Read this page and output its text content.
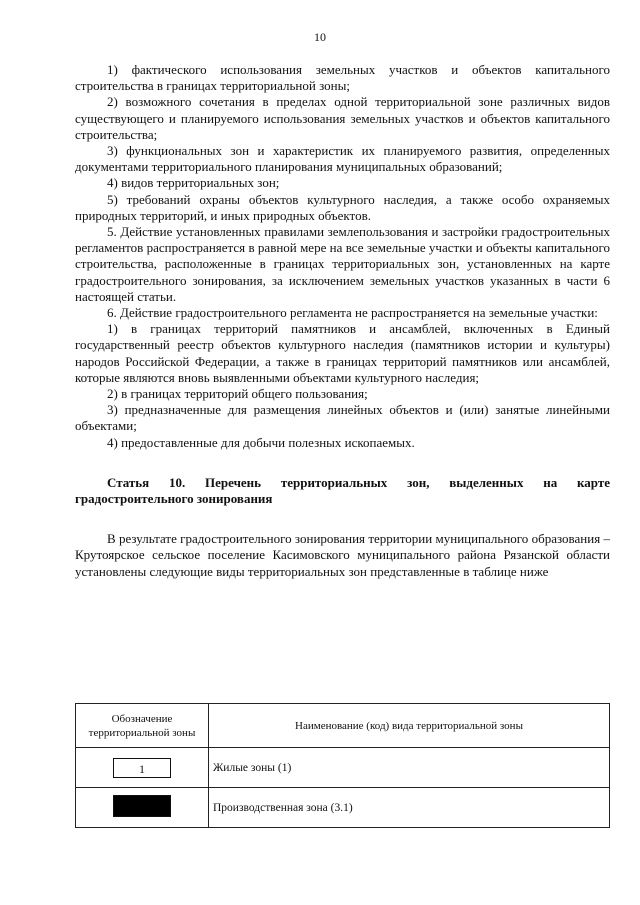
10

1) фактического использования земельных участков и объектов капитального строительства в границах территориальной зоны;

2) возможного сочетания в пределах одной территориальной зоне различных видов существующего и планируемого использования земельных участков и объектов капитального строительства;

3) функциональных зон и характеристик их планируемого развития, определенных документами территориального планирования муниципальных образований;

4) видов территориальных зон;

5) требований охраны объектов культурного наследия, а также особо охраняемых природных территорий, и иных природных объектов.

5. Действие установленных правилами землепользования и застройки градостроительных регламентов распространяется в равной мере на все земельные участки и объекты капитального строительства, расположенные в границах территориальных зон, установленных на карте градостроительного зонирования, за исключением земельных участков указанных в части 6 настоящей статьи.

6. Действие градостроительного регламента не распространяется на земельные участки:

1) в границах территорий памятников и ансамблей, включенных в Единый государственный реестр объектов культурного наследия (памятников истории и культуры) народов Российской Федерации, а также в границах территорий памятников или ансамблей, которые являются вновь выявленными объектами культурного наследия;

2) в границах территорий общего пользования;

3) предназначенные для размещения линейных объектов и (или) занятые линейными объектами;

4) предоставленные для добычи полезных ископаемых.

Статья 10. Перечень территориальных зон, выделенных на карте градостроительного зонирования

В результате градостроительного зонирования территории муниципального образования – Крутоярское сельское поселение Касимовского муниципального района Рязанской области установлены следующие виды территориальных зон представленные в таблице ниже

Обозначение территориальной зоны	Наименование (код) вида территориальной зоны
1	Жилые зоны (1)
	Производственная зона (3.1)
